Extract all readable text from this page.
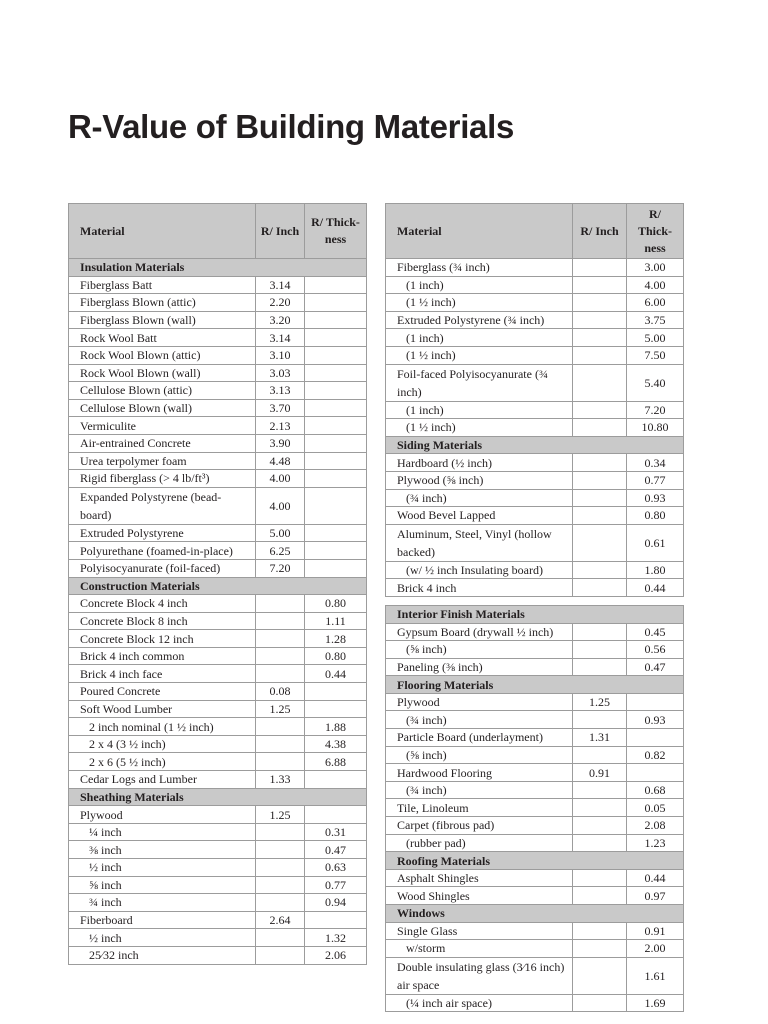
R-Value of Building Materials
Material	R/ Inch	R/ Thick-ness
Insulation Materials		
Fiberglass Batt	3.14	
Fiberglass Blown (attic)	2.20	
Fiberglass Blown (wall)	3.20	
Rock Wool Batt	3.14	
Rock Wool Blown (attic)	3.10	
Rock Wool Blown (wall)	3.03	
Cellulose Blown (attic)	3.13	
Cellulose Blown (wall)	3.70	
Vermiculite	2.13	
Air-entrained Concrete	3.90	
Urea terpolymer foam	4.48	
Rigid fiberglass (> 4 lb/ft³)	4.00	
Expanded Polystyrene (bead-board)	4.00	
Extruded Polystyrene	5.00	
Polyurethane (foamed-in-place)	6.25	
Polyisocyanurate (foil-faced)	7.20	
Construction Materials		
Concrete Block 4 inch		0.80
Concrete Block 8 inch		1.11
Concrete Block 12 inch		1.28
Brick 4 inch common		0.80
Brick 4 inch face		0.44
Poured Concrete	0.08	
Soft Wood Lumber	1.25	
2 inch nominal (1 ½ inch)		1.88
2 x 4 (3 ½ inch)		4.38
2 x 6 (5 ½ inch)		6.88
Cedar Logs and Lumber	1.33	
Sheathing Materials		
Plywood	1.25	
¼ inch		0.31
⅜ inch		0.47
½ inch		0.63
⅝ inch		0.77
¾ inch		0.94
Fiberboard	2.64	
½ inch		1.32
25⁄32 inch		2.06
Material	R/ Inch	R/ Thick-ness
Fiberglass (¾ inch)		3.00
(1 inch)		4.00
(1 ½ inch)		6.00
Extruded Polystyrene (¾ inch)		3.75
(1 inch)		5.00
(1 ½ inch)		7.50
Foil-faced Polyisocyanurate (¾ inch)		5.40
(1 inch)		7.20
(1 ½ inch)		10.80
Siding Materials		
Hardboard (½ inch)		0.34
Plywood (⅝ inch)		0.77
(¾ inch)		0.93
Wood Bevel Lapped		0.80
Aluminum, Steel, Vinyl (hollow backed)		0.61
(w/ ½ inch Insulating board)		1.80
Brick 4 inch		0.44

Interior Finish Materials		
Gypsum Board (drywall ½ inch)		0.45
(⅝ inch)		0.56
Paneling (⅜ inch)		0.47
Flooring Materials		
Plywood	1.25	
(¾ inch)		0.93
Particle Board (underlayment)	1.31	
(⅝ inch)		0.82
Hardwood Flooring	0.91	
(¾ inch)		0.68
Tile, Linoleum		0.05
Carpet (fibrous pad)		2.08
(rubber pad)		1.23
Roofing Materials		
Asphalt Shingles		0.44
Wood Shingles		0.97
Windows		
Single Glass		0.91
w/storm		2.00
Double insulating glass (3⁄16 inch) air space		1.61
(¼ inch air space)		1.69
